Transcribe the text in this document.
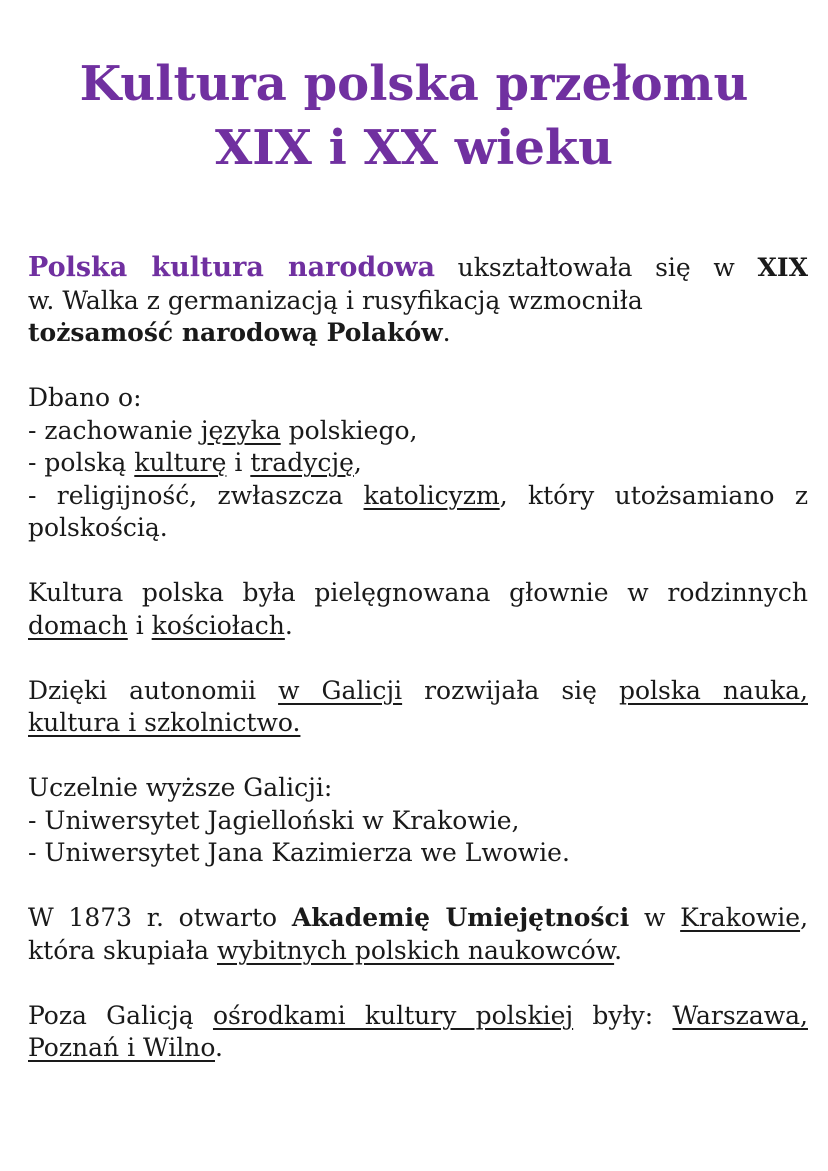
Kultura polska przełomu
XIX i XX wieku

Polska kultura narodowa ukształtowała się w XIX
w. Walka z germanizacją i rusyfikacją wzmocniła
tożsamość narodową Polaków.

Dbano o:
- zachowanie języka polskiego,
- polską kulturę i tradycję,
- religijność, zwłaszcza katolicyzm, który utożsamiano z
polskością.

Kultura polska była pielęgnowana głownie w rodzinnych
domach i kościołach.

Dzięki autonomii w Galicji rozwijała się polska nauka,
kultura i szkolnictwo.

Uczelnie wyższe Galicji:
- Uniwersytet Jagielloński w Krakowie,
- Uniwersytet Jana Kazimierza we Lwowie.

W 1873 r. otwarto Akademię Umiejętności w Krakowie,
która skupiała wybitnych polskich naukowców.

Poza Galicją ośrodkami kultury polskiej były: Warszawa,
Poznań i Wilno.
